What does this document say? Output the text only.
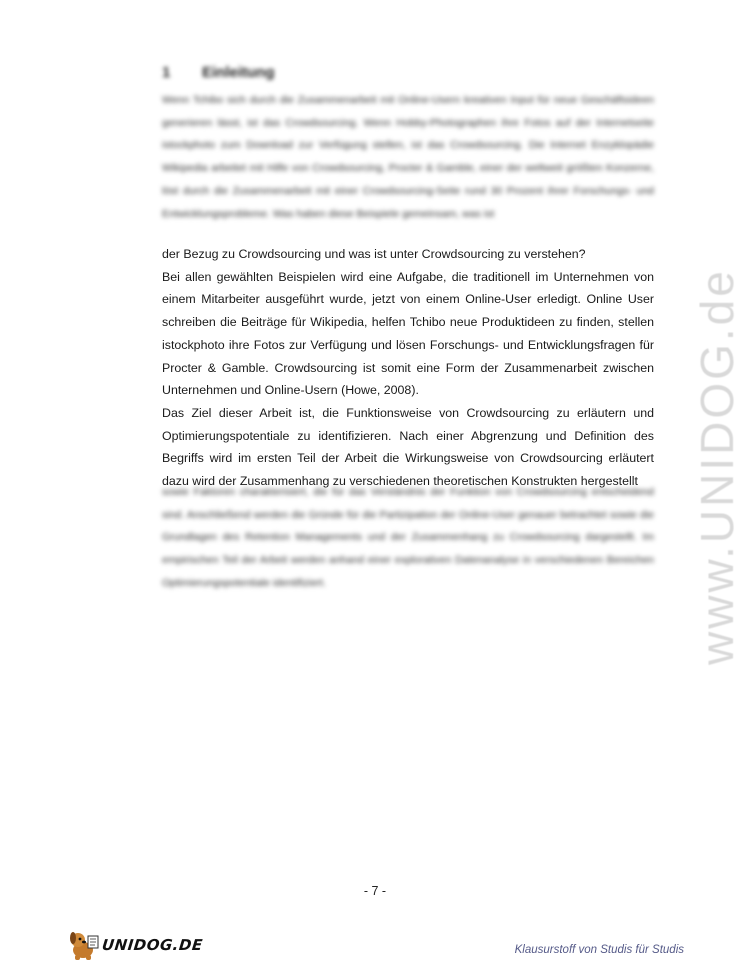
1 Einleitung

Wenn Tchibo sich durch die Zusammenarbeit mit Online-Usern kreativen Input für neue Geschäftsideen generieren lässt, ist das Crowdsourcing. Wenn Hobby-Photographen ihre Fotos auf der Internetseite istockphoto zum Download zur Verfügung stellen, ist das Crowdsourcing. Die Internet Enzyklopädie Wikipedia arbeitet mit Hilfe von Crowdsourcing, Procter & Gamble, einer der weltweit größten Konzerne, löst durch die Zusammenarbeit mit einer Crowdsourcing-Seite rund 30 Prozent ihrer Forschungs- und Entwicklungsprobleme. Was haben diese Beispiele gemeinsam, was ist

der Bezug zu Crowdsourcing und was ist unter Crowdsourcing zu verstehen?

Bei allen gewählten Beispielen wird eine Aufgabe, die traditionell im Unternehmen von einem Mitarbeiter ausgeführt wurde, jetzt von einem Online-User erledigt. Online User schreiben die Beiträge für Wikipedia, helfen Tchibo neue Produktideen zu finden, stellen istockphoto ihre Fotos zur Verfügung und lösen Forschungs- und Entwicklungsfragen für Procter & Gamble. Crowdsourcing ist somit eine Form der Zusammenarbeit zwischen Unternehmen und Online-Usern (Howe, 2008).

Das Ziel dieser Arbeit ist, die Funktionsweise von Crowdsourcing zu erläutern und Optimierungspotentiale zu identifizieren. Nach einer Abgrenzung und Definition des Begriffs wird im ersten Teil der Arbeit die Wirkungsweise von Crowdsourcing erläutert dazu wird der Zusammenhang zu verschiedenen theoretischen Konstrukten hergestellt

sowie Faktoren charakterisiert, die für das Verständnis der Funktion von Crowdsourcing entscheidend sind. Anschließend werden die Gründe für die Partizipation der Online-User genauer betrachtet sowie die Grundlagen des Retention Managements und der Zusammenhang zu Crowdsourcing dargestellt. Im empirischen Teil der Arbeit werden anhand einer explorativen Datenanalyse in verschiedenen Bereichen Optimierungspotentiale identifiziert.	www.UNIDOG.de
- 7 -
UNIDOG.DE	Klausurstoff von Studis für Studis
